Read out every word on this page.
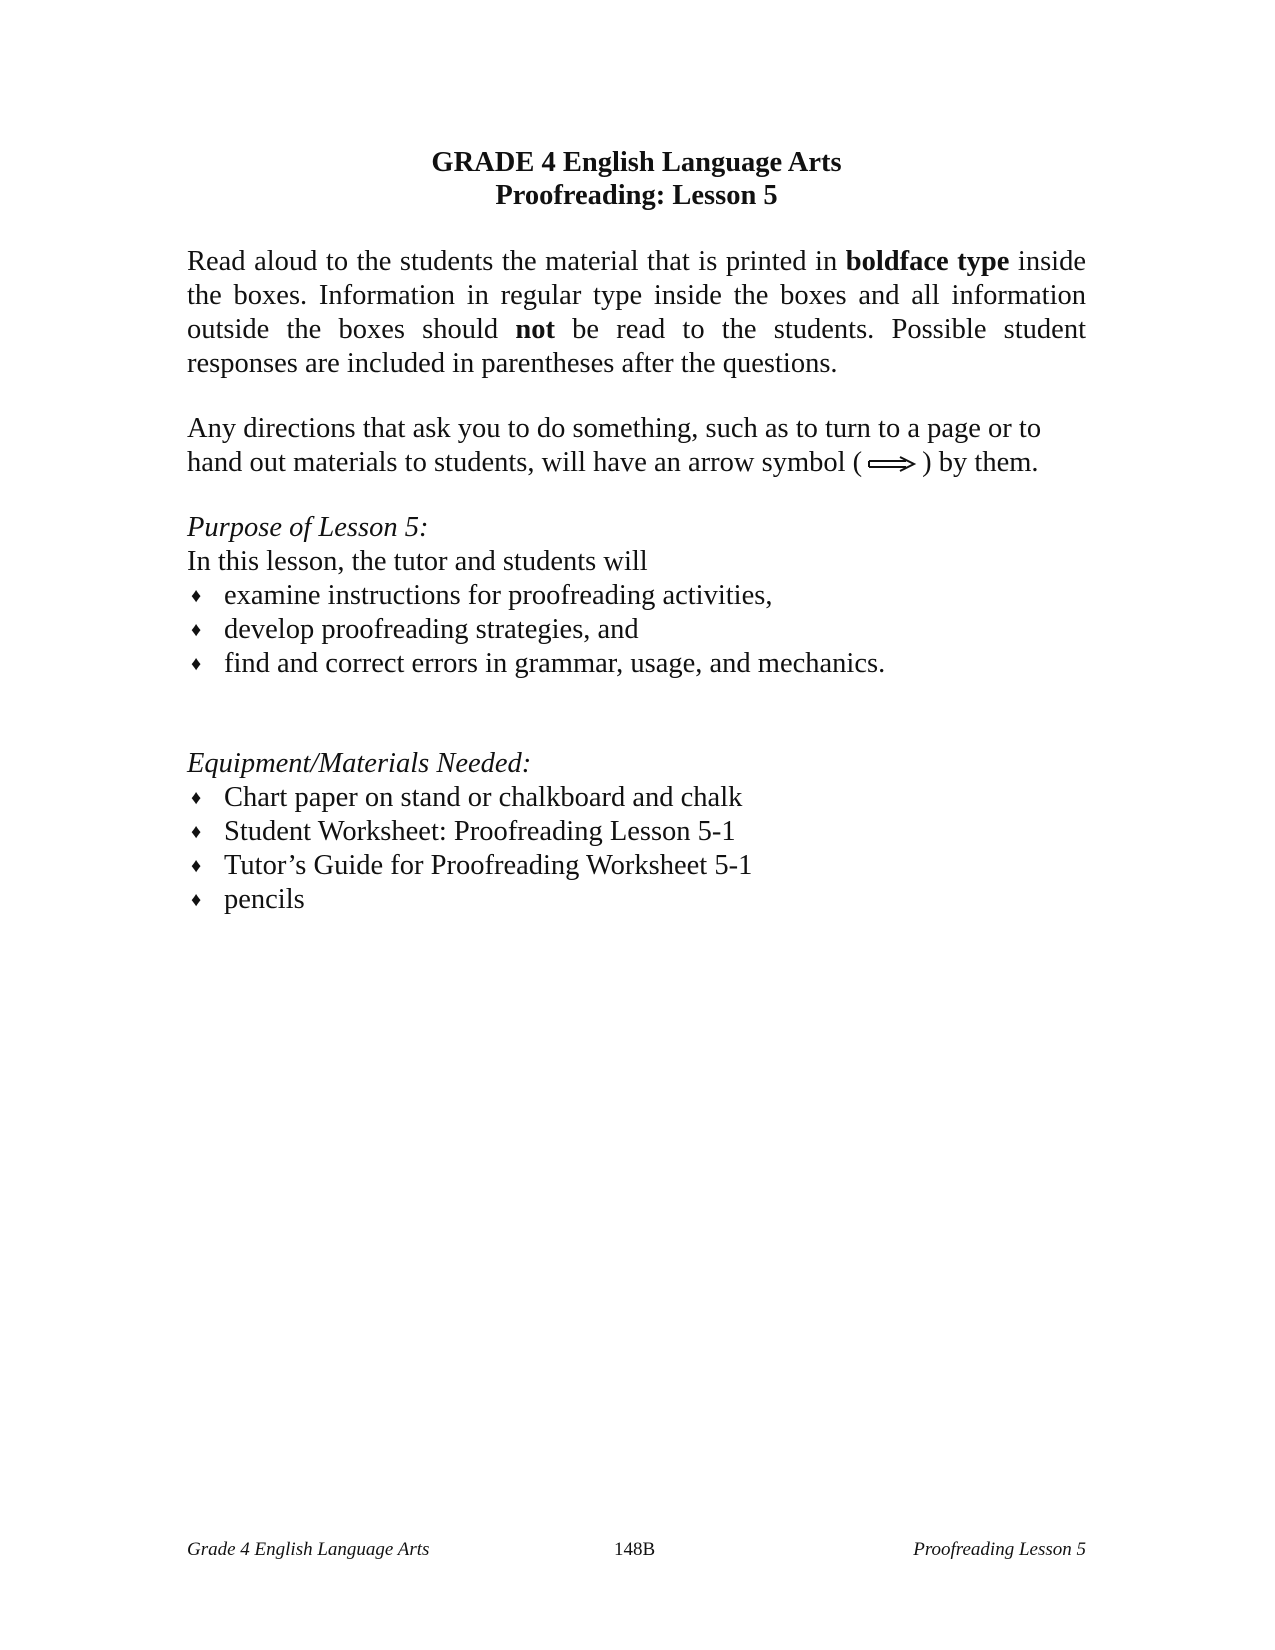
GRADE 4 English Language Arts
Proofreading: Lesson 5

Read aloud to the students the material that is printed in boldface type inside the boxes. Information in regular type inside the boxes and all information outside the boxes should not be read to the students. Possible student responses are included in parentheses after the questions.

Any directions that ask you to do something, such as to turn to a page or to hand out materials to students, will have an arrow symbol ( ) by them.

Purpose of Lesson 5:

In this lesson, the tutor and students will

♦ examine instructions for proofreading activities,
♦ develop proofreading strategies, and
♦ find and correct errors in grammar, usage, and mechanics.

Equipment/Materials Needed:

♦ Chart paper on stand or chalkboard and chalk
♦ Student Worksheet: Proofreading Lesson 5-1
♦ Tutor’s Guide for Proofreading Worksheet 5-1
♦ pencils
Grade 4 English Language Arts	148B	Proofreading Lesson 5
